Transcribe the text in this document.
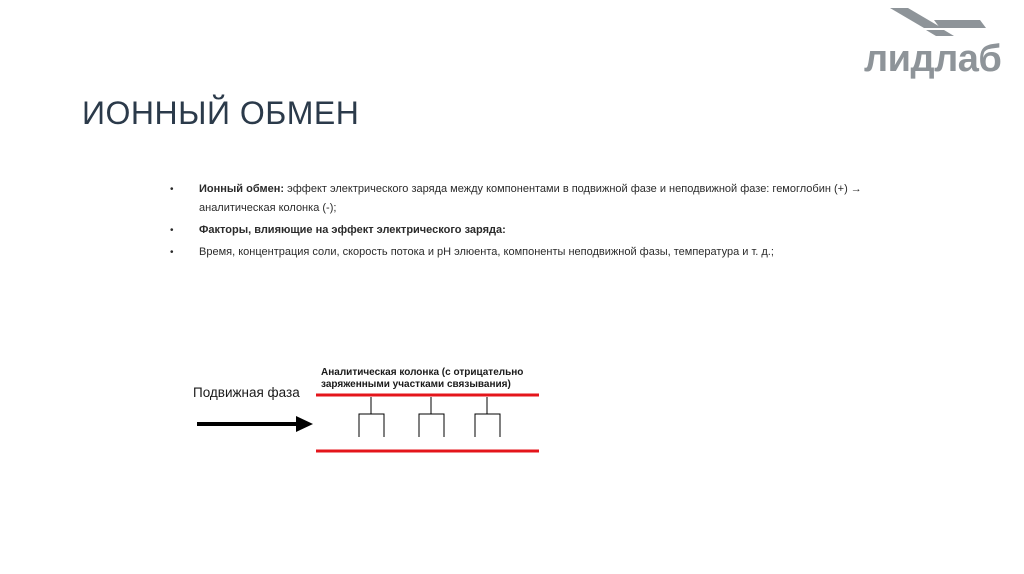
ИОННЫЙ ОБМЕН
лидлаб
• Ионный обмен: эффект электрического заряда между компонентами в подвижной фазе и неподвижной фазе: гемоглобин (+) → аналитическая колонка (-);
• Факторы, влияющие на эффект электрического заряда:
• Время, концентрация соли, скорость потока и pH элюента, компоненты неподвижной фазы, температура и т. д.;
Подвижная фаза
Аналитическая колонка (с отрицательно
заряженными участками связывания)
